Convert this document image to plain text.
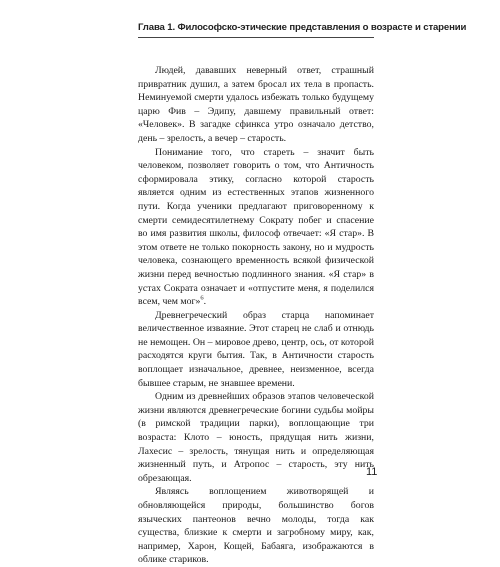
Глава 1. Философско-этические представления о возрасте и старении

Людей, дававших неверный ответ, страшный привратник душил, а затем бросал их тела в пропасть. Неминуемой смерти удалось избежать только будущему царю Фив – Эдипу, давшему правильный ответ: «Человек». В загадке сфинкса утро означало детство, день – зрелость, а вечер – старость.

Понимание того, что стареть – значит быть человеком, позволяет говорить о том, что Античность сформировала этику, согласно которой старость является одним из естественных этапов жизненного пути. Когда ученики предлагают приговоренному к смерти семидесятилетнему Сократу побег и спасение во имя развития школы, философ отвечает: «Я стар». В этом ответе не только покорность закону, но и мудрость человека, сознающего временность всякой физической жизни перед вечностью подлинного знания. «Я стар» в устах Сократа означает и «отпустите меня, я поделился всем, чем мог»$^6$.

Древнегреческий образ старца напоминает величественное изваяние. Этот старец не слаб и отнюдь не немощен. Он – мировое древо, центр, ось, от которой расходятся круги бытия. Так, в Античности старость воплощает изначальное, древнее, неизменное, всегда бывшее старым, не знавшее времени.

Одним из древнейших образов этапов человеческой жизни являются древнегреческие богини судьбы мойры (в римской традиции парки), воплощающие три возраста: Клото – юность, прядущая нить жизни, Лахесис – зрелость, тянущая нить и определяющая жизненный путь, и Атропос – старость, эту нить обрезающая.

Являясь воплощением животворящей и обновляющейся природы, большинство богов языческих пантеонов вечно молоды, тогда как существа, близкие к смерти и загробному миру, как, например, Харон, Кощей, Бабаяга, изображаются в облике стариков.

11
